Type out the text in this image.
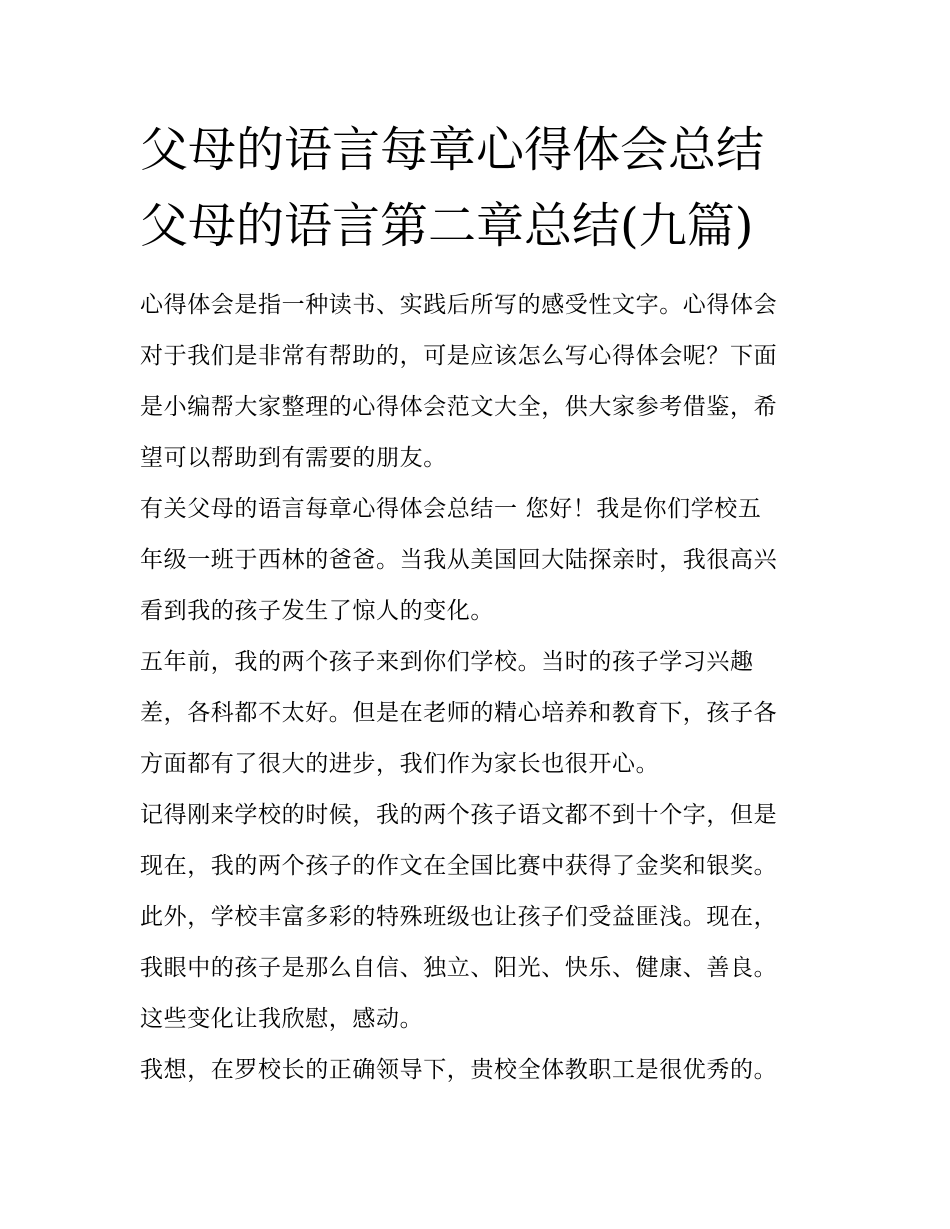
父母的语言每章心得体会总结
父母的语言第二章总结(九篇)
心得体会是指一种读书、实践后所写的感受性文字。心得体会
对于我们是非常有帮助的，可是应该怎么写心得体会呢？下面
是小编帮大家整理的心得体会范文大全，供大家参考借鉴，希
望可以帮助到有需要的朋友。
有关父母的语言每章心得体会总结一 您好！我是你们学校五
年级一班于西林的爸爸。当我从美国回大陆探亲时，我很高兴
看到我的孩子发生了惊人的变化。
五年前，我的两个孩子来到你们学校。当时的孩子学习兴趣
差，各科都不太好。但是在老师的精心培养和教育下，孩子各
方面都有了很大的进步，我们作为家长也很开心。
记得刚来学校的时候，我的两个孩子语文都不到十个字，但是
现在，我的两个孩子的作文在全国比赛中获得了金奖和银奖。
此外，学校丰富多彩的特殊班级也让孩子们受益匪浅。现在，
我眼中的孩子是那么自信、独立、阳光、快乐、健康、善良。
这些变化让我欣慰，感动。
我想，在罗校长的正确领导下，贵校全体教职工是很优秀的。
